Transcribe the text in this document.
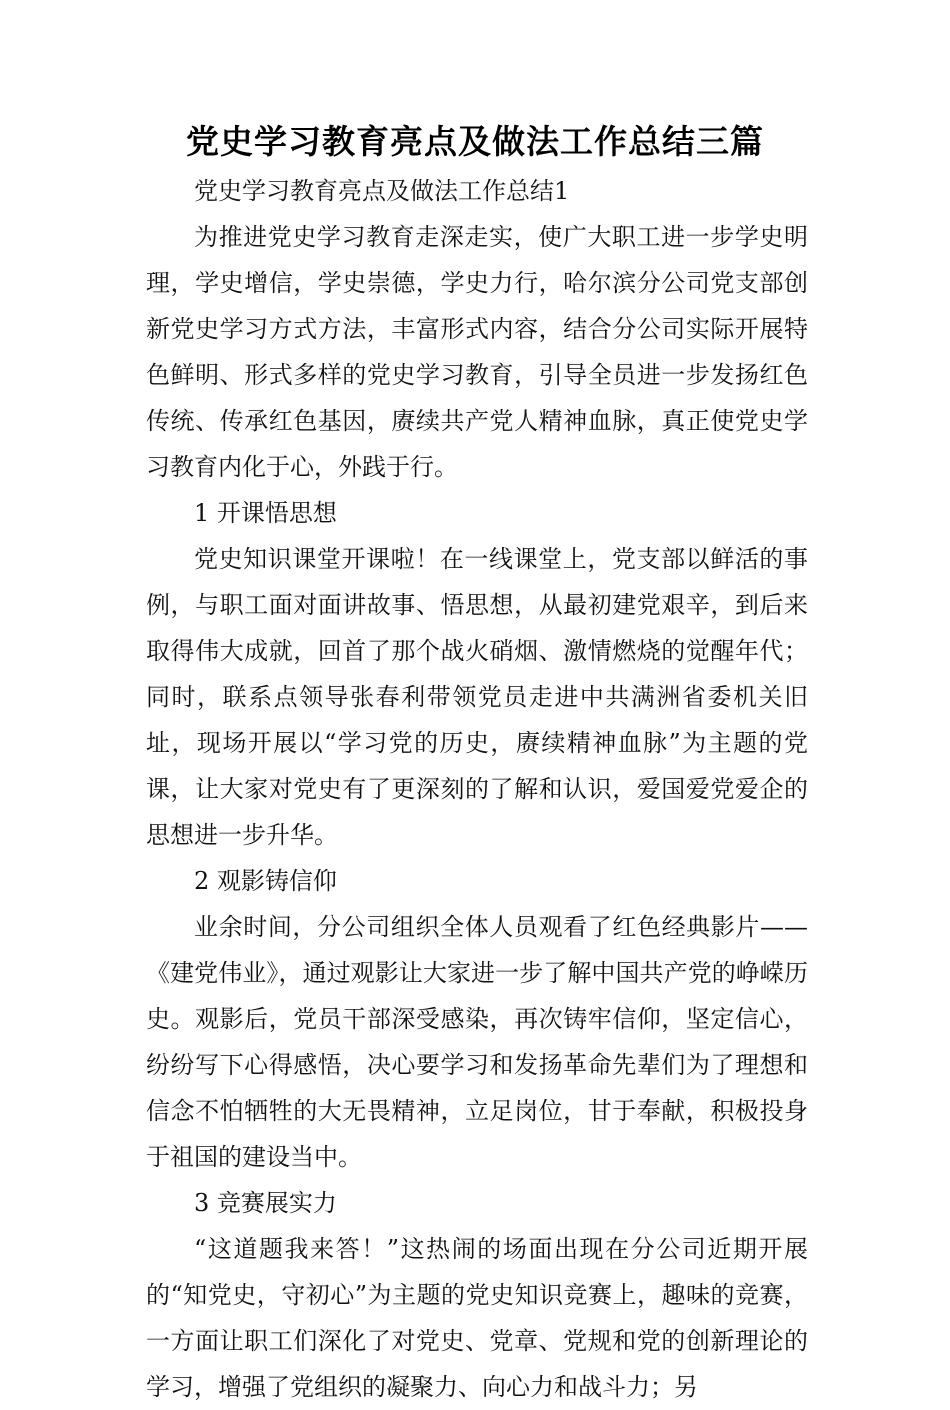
党史学习教育亮点及做法工作总结三篇

党史学习教育亮点及做法工作总结1

为推进党史学习教育走深走实，使广大职工进一步学史明理，学史增信，学史崇德，学史力行，哈尔滨分公司党支部创新党史学习方式方法，丰富形式内容，结合分公司实际开展特色鲜明、形式多样的党史学习教育，引导全员进一步发扬红色传统、传承红色基因，赓续共产党人精神血脉，真正使党史学习教育内化于心，外践于行。

1 开课悟思想

党史知识课堂开课啦！在一线课堂上，党支部以鲜活的事例，与职工面对面讲故事、悟思想，从最初建党艰辛，到后来取得伟大成就，回首了那个战火硝烟、激情燃烧的觉醒年代；同时，联系点领导张春利带领党员走进中共满洲省委机关旧址，现场开展以“学习党的历史，赓续精神血脉”为主题的党课，让大家对党史有了更深刻的了解和认识，爱国爱党爱企的思想进一步升华。

2 观影铸信仰

业余时间，分公司组织全体人员观看了红色经典影片——《建党伟业》，通过观影让大家进一步了解中国共产党的峥嵘历史。观影后，党员干部深受感染，再次铸牢信仰，坚定信心，纷纷写下心得感悟，决心要学习和发扬革命先辈们为了理想和信念不怕牺牲的大无畏精神，立足岗位，甘于奉献，积极投身于祖国的建设当中。

3 竞赛展实力

“这道题我来答！”这热闹的场面出现在分公司近期开展的“知党史，守初心”为主题的党史知识竞赛上，趣味的竞赛，一方面让职工们深化了对党史、党章、党规和党的创新理论的学习，增强了党组织的凝聚力、向心力和战斗力；另
